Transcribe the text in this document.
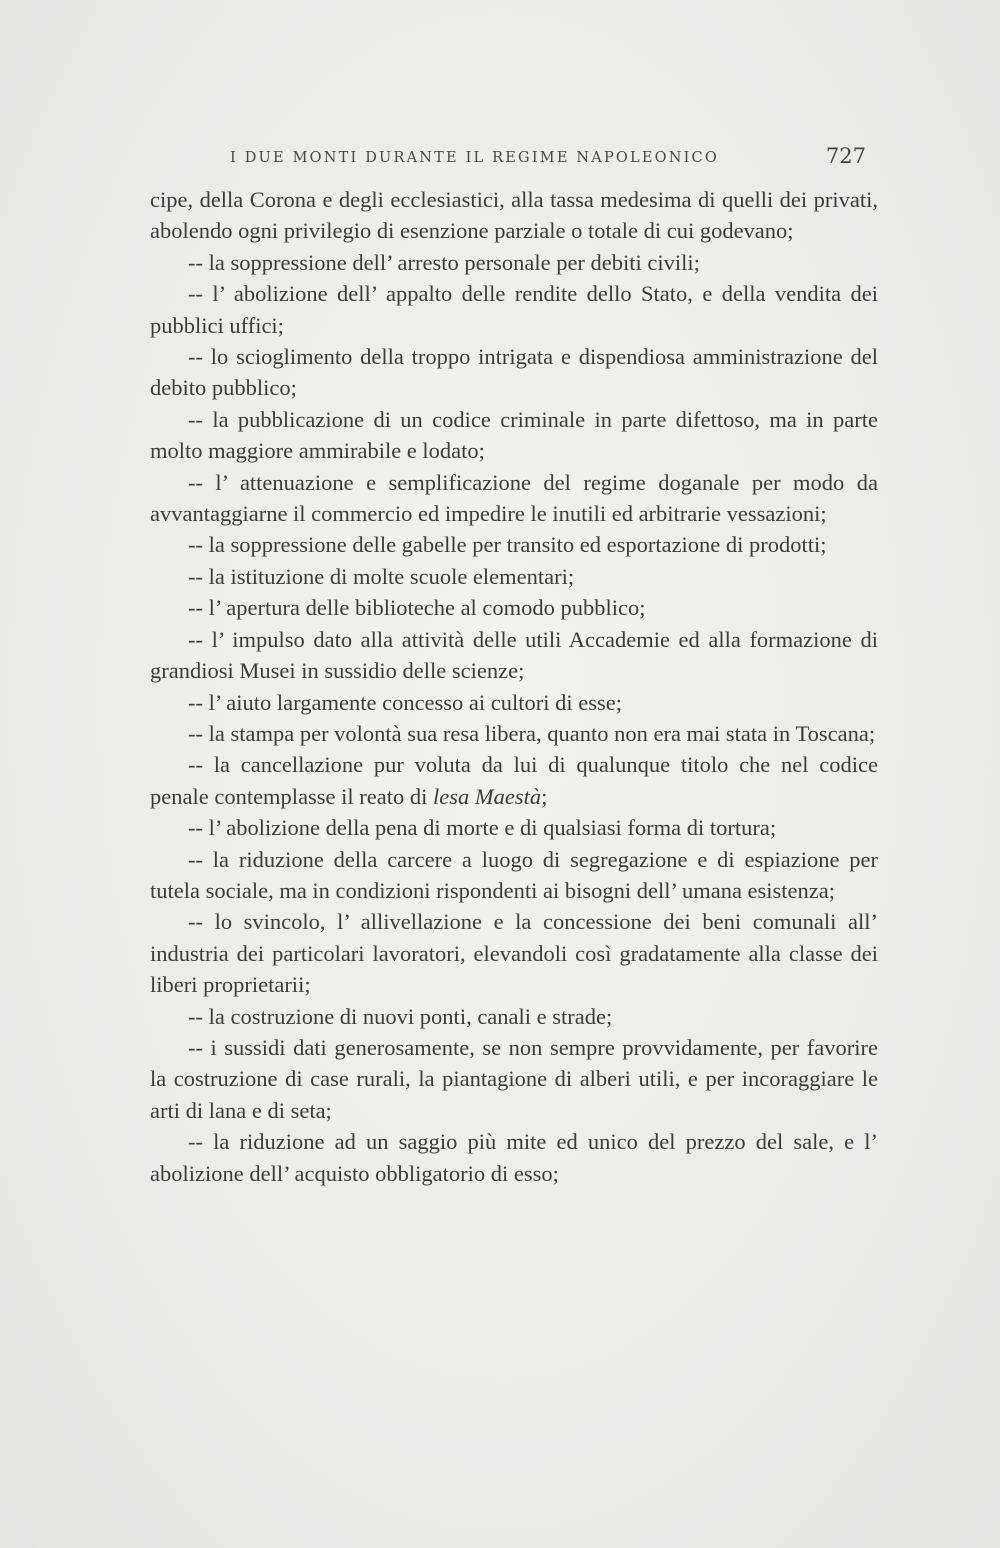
I DUE MONTI DURANTE IL REGIME NAPOLEONICO	727

cipe, della Corona e degli ecclesiastici, alla tassa medesima di quelli dei privati, abolendo ogni privilegio di esenzione parziale o totale di cui godevano;

-- la soppressione dell’ arresto personale per debiti civili;

-- l’ abolizione dell’ appalto delle rendite dello Stato, e della vendita dei pubblici uffici;

-- lo scioglimento della troppo intrigata e dispendiosa amministrazione del debito pubblico;

-- la pubblicazione di un codice criminale in parte difettoso, ma in parte molto maggiore ammirabile e lodato;

-- l’ attenuazione e semplificazione del regime doganale per modo da avvantaggiarne il commercio ed impedire le inutili ed arbitrarie vessazioni;

-- la soppressione delle gabelle per transito ed esportazione di prodotti;

-- la istituzione di molte scuole elementari;

-- l’ apertura delle biblioteche al comodo pubblico;

-- l’ impulso dato alla attività delle utili Accademie ed alla formazione di grandiosi Musei in sussidio delle scienze;

-- l’ aiuto largamente concesso ai cultori di esse;

-- la stampa per volontà sua resa libera, quanto non era mai stata in Toscana;

-- la cancellazione pur voluta da lui di qualunque titolo che nel codice penale contemplasse il reato di lesa Maestà;

-- l’ abolizione della pena di morte e di qualsiasi forma di tortura;

-- la riduzione della carcere a luogo di segregazione e di espiazione per tutela sociale, ma in condizioni rispondenti ai bisogni dell’ umana esistenza;

-- lo svincolo, l’ allivellazione e la concessione dei beni comunali all’ industria dei particolari lavoratori, elevandoli così gradatamente alla classe dei liberi proprietarii;

-- la costruzione di nuovi ponti, canali e strade;

-- i sussidi dati generosamente, se non sempre provvidamente, per favorire la costruzione di case rurali, la piantagione di alberi utili, e per incoraggiare le arti di lana e di seta;

-- la riduzione ad un saggio più mite ed unico del prezzo del sale, e l’ abolizione dell’ acquisto obbligatorio di esso;
